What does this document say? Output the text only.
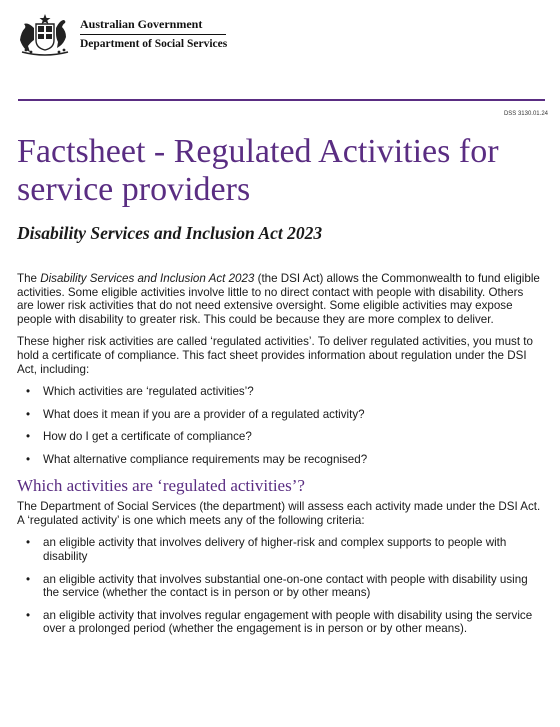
Australian Government
Department of Social Services
DSS 3130.01.24
Factsheet - Regulated Activities for service providers
Disability Services and Inclusion Act 2023

The Disability Services and Inclusion Act 2023 (the DSI Act) allows the Commonwealth to fund eligible activities. Some eligible activities involve little to no direct contact with people with disability. Others are lower risk activities that do not need extensive oversight. Some eligible activities may expose people with disability to greater risk. This could be because they are more complex to deliver.

These higher risk activities are called ‘regulated activities’. To deliver regulated activities, you must to hold a certificate of compliance. This fact sheet provides information about regulation under the DSI Act, including:

• Which activities are ‘regulated activities’?
• What does it mean if you are a provider of a regulated activity?
• How do I get a certificate of compliance?
• What alternative compliance requirements may be recognised?
Which activities are ‘regulated activities’?

The Department of Social Services (the department) will assess each activity made under the DSI Act. A ‘regulated activity’ is one which meets any of the following criteria:

• an eligible activity that involves delivery of higher-risk and complex supports to people with disability
• an eligible activity that involves substantial one-on-one contact with people with disability using the service (whether the contact is in person or by other means)
• an eligible activity that involves regular engagement with people with disability using the service over a prolonged period (whether the engagement is in person or by other means).
